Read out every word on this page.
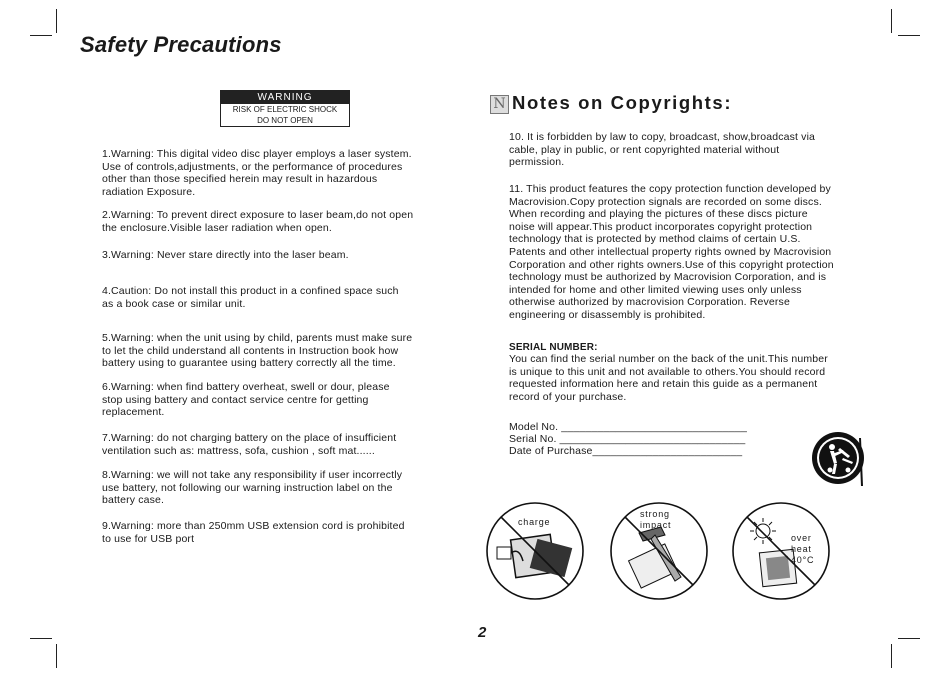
Safety Precautions
WARNING
RISK OF ELECTRIC SHOCK
DO NOT OPEN

1.Warning: This digital video disc player employs a laser system.
Use of controls,adjustments, or the performance of procedures
other than those specified herein may result in hazardous
radiation Exposure.

2.Warning: To prevent direct exposure to laser beam,do not open
the enclosure.Visible laser radiation when open.

3.Warning: Never stare directly into the laser beam.

4.Caution: Do not install this product in a confined space such
as a book case or similar unit.

5.Warning: when the unit using by child, parents must make sure
to let the child understand all contents in Instruction book how
battery using to guarantee using battery correctly all the time.

6.Warning: when find battery overheat, swell or dour, please
stop using battery and contact service centre for getting
replacement.

7.Warning: do not charging battery on the place of insufficient
ventilation such as: mattress, sofa, cushion , soft mat......

8.Warning: we will not take any responsibility if user incorrectly
use battery, not following our warning instruction label on the
battery case.

9.Warning: more than 250mm USB extension cord is prohibited
to use for USB port

N Notes on Copyrights:

10. It is forbidden by law to copy, broadcast, show,broadcast via
cable, play in public, or rent copyrighted material without
permission.

11. This product features the copy protection function developed by
Macrovision.Copy protection signals are recorded on some discs.
When recording and playing the pictures of these discs picture
noise will appear.This product incorporates copyright protection
technology that is protected by method claims of certain U.S.
Patents and other intellectual property rights owned by Macrovision
Corporation and other rights owners.Use of this copyright protection
technology must be authorized by Macrovision Corporation, and is
intended for home and other limited viewing uses only unless
otherwise authorized by macrovision Corporation. Reverse
engineering or disassembly is prohibited.

SERIAL NUMBER:

You can find the serial number on the back of the unit.This number
is unique to this unit and not available to others.You should record
requested information here and retain this guide as a permanent
record of your purchase.

Model No. _______________________________

Serial No. _______________________________

Date of Purchase_________________________

charge
strong
impact
over
heat
40°C
2
